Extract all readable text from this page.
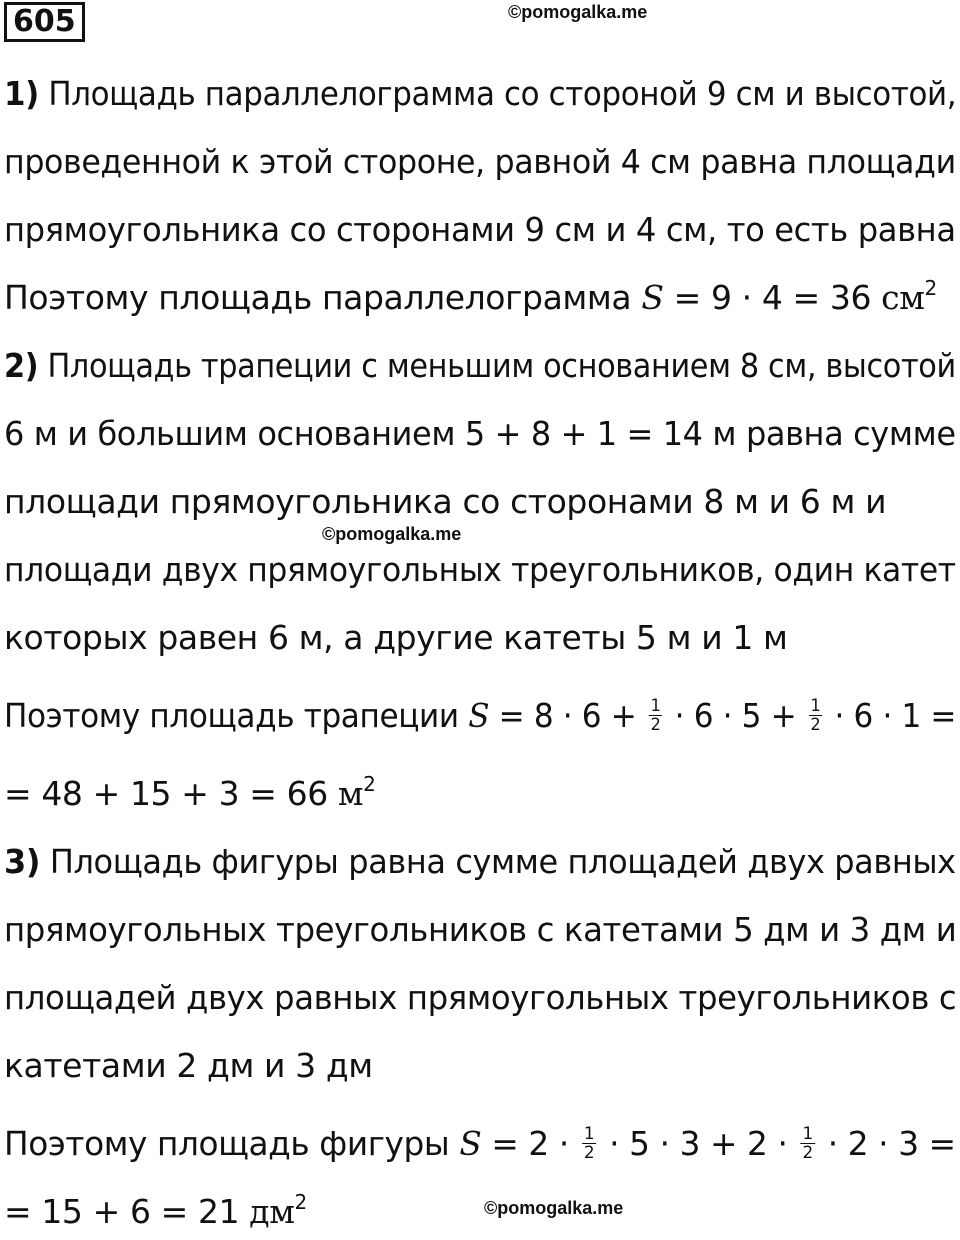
605	©pomogalka.me
1) Площадь параллелограмма со стороной 9 см и высотой,
проведенной к этой стороне, равной 4 см равна площади
прямоугольника со сторонами 9 см и 4 см, то есть равна
Поэтому площадь параллелограмма S = 9 · 4 = 36 $см^2$
2) Площадь трапеции с меньшим основанием 8 см, высотой
6 м и большим основанием 5 + 8 + 1 = 14 м равна сумме
площади прямоугольника со сторонами 8 м и 6 м и
©pomogalka.me
площади двух прямоугольных треугольников, один катет
которых равен 6 м, а другие катеты 5 м и 1 м
Поэтому площадь трапеции $S = 8 \cdot 6 + \frac{1}{2} \cdot 6 \cdot 5 + \frac{1}{2} \cdot 6 \cdot 1$ =
= 48 + 15 + 3 = 66 $м^2$
3) Площадь фигуры равна сумме площадей двух равных
прямоугольных треугольников с катетами 5 дм и 3 дм и
площадей двух равных прямоугольных треугольников с
катетами 2 дм и 3 дм
Поэтому площадь фигуры $S = 2 \cdot \frac{1}{2} \cdot 5 \cdot 3 + 2 \cdot \frac{1}{2} \cdot 2 \cdot 3$ =
= 15 + 6 = 21 $дм^2$	©pomogalka.me
